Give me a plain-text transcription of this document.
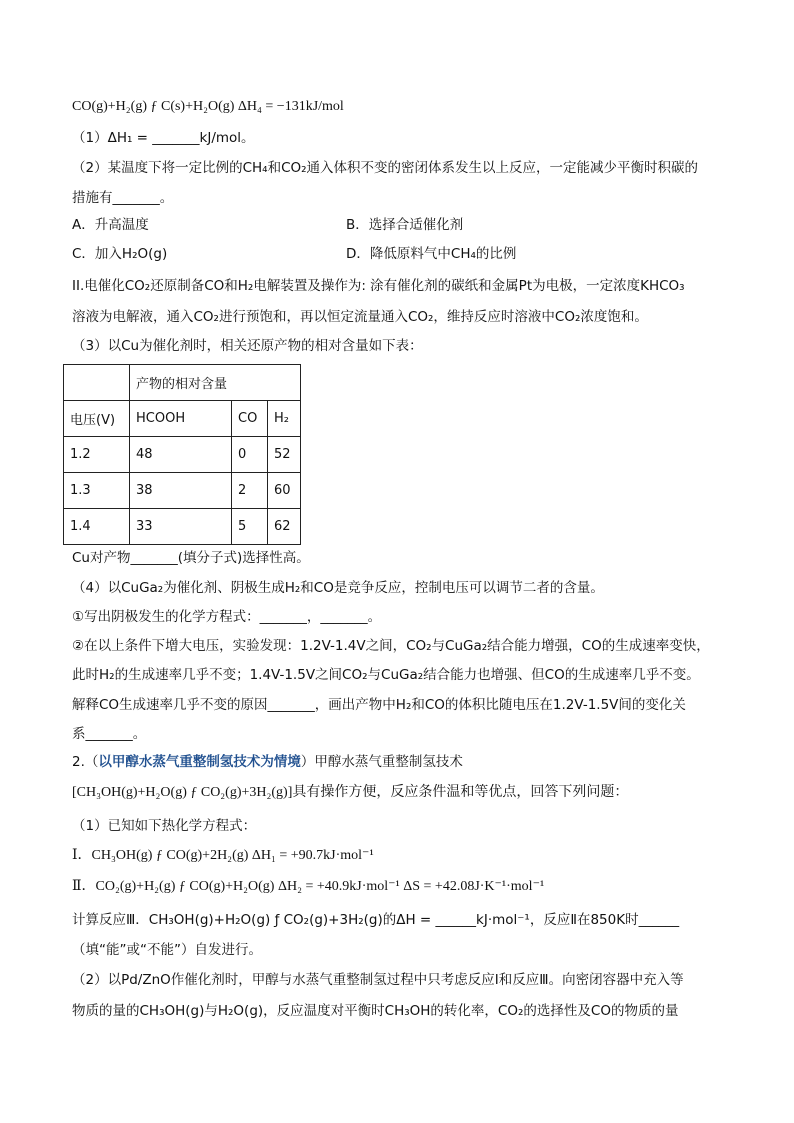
CO(g)+H₂(g) ƒ C(s)+H₂O(g) ΔH₄ = −131kJ/mol
（1）ΔH₁ = _______kJ/mol。
（2）某温度下将一定比例的CH₄和CO₂通入体积不变的密闭体系发生以上反应，一定能减少平衡时积碳的
措施有_______。
A．升高温度	B．选择合适催化剂
C．加入H₂O(g)	D．降低原料气中CH₄的比例
II.电催化CO₂还原制备CO和H₂电解装置及操作为: 涂有催化剂的碳纸和金属Pt为电极，一定浓度KHCO₃
溶液为电解液，通入CO₂进行预饱和，再以恒定流量通入CO₂，维持反应时溶液中CO₂浓度饱和。
（3）以Cu为催化剂时，相关还原产物的相对含量如下表：
	产物的相对含量		
电压(V)	HCOOH	CO	H₂
1.2	48	0	52
1.3	38	2	60
1.4	33	5	62
Cu对产物_______(填分子式)选择性高。
（4）以CuGa₂为催化剂、阴极生成H₂和CO是竞争反应，控制电压可以调节二者的含量。
①写出阴极发生的化学方程式：_______，_______。
②在以上条件下增大电压，实验发现：1.2V-1.4V之间，CO₂与CuGa₂结合能力增强，CO的生成速率变快，
此时H₂的生成速率几乎不变；1.4V-1.5V之间CO₂与CuGa₂结合能力也增强、但CO的生成速率几乎不变。
解释CO生成速率几乎不变的原因_______，画出产物中H₂和CO的体积比随电压在1.2V-1.5V间的变化关
系_______。
2.（以甲醇水蒸气重整制氢技术为情境）甲醇水蒸气重整制氢技术
[CH₃OH(g)+H₂O(g) ƒ CO₂(g)+3H₂(g)]具有操作方便，反应条件温和等优点，回答下列问题：
（1）已知如下热化学方程式：
Ⅰ．CH₃OH(g) ƒ CO(g)+2H₂(g) ΔH₁ = +90.7kJ·mol⁻¹
Ⅱ．CO₂(g)+H₂(g) ƒ CO(g)+H₂O(g) ΔH₂ = +40.9kJ·mol⁻¹ ΔS = +42.08J·K⁻¹·mol⁻¹
计算反应Ⅲ．CH₃OH(g)+H₂O(g) ƒ CO₂(g)+3H₂(g)的ΔH = ______kJ·mol⁻¹，反应Ⅱ在850K时______
（填“能”或“不能”）自发进行。
（2）以Pd/ZnO作催化剂时，甲醇与水蒸气重整制氢过程中只考虑反应Ⅰ和反应Ⅲ。向密闭容器中充入等
物质的量的CH₃OH(g)与H₂O(g)，反应温度对平衡时CH₃OH的转化率，CO₂的选择性及CO的物质的量
